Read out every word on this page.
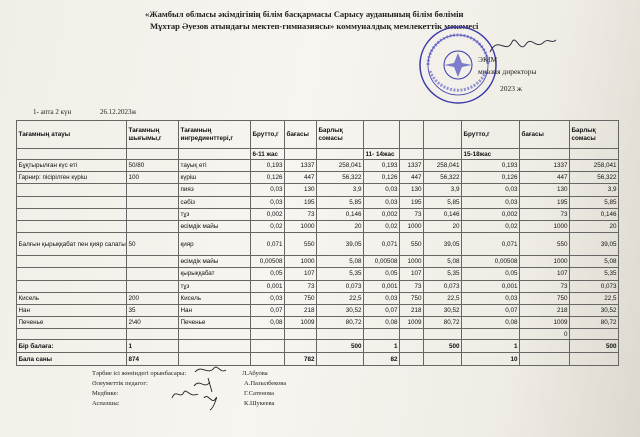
«Жамбыл облысы әкімдігінің білім басқармасы Сарысу ауданының білім бөлімін
Мұхтар Әуезов атындағы мектеп-гимназиясы» коммуналдық мемлекеттік мекемесі
ЭКІМ
мназия директоры
2023 ж
1- апта 2 күн	26.12.2023ж
Тағамның атауы	Тағамның шығымы,г	Тағамның ингредиенттері,г	Брутто,г	бағасы	Барлық сомасы				Брутто,г	бағасы	Барлық сомасы
			6-11 жас			11- 14жас			15-18жас		
Бұқтырылған күс еті	50/80	тауық еті	0,193	1337	258,041	0,193	1337	258,041	0,193	1337	258,041
Гарнир: пісірілген күріш	100	күріш	0,126	447	56,322	0,126	447	56,322	0,126	447	56,322
		пияз	0,03	130	3,9	0,03	130	3,9	0,03	130	3,9
		сәбіз	0,03	195	5,85	0,03	195	5,85	0,03	195	5,85
		тұз	0,002	73	0,146	0,002	73	0,146	0,002	73	0,146
		өсімдік майы	0,02	1000	20	0,02	1000	20	0,02	1000	20
Балғын қырыққабат пен қияр салаты	50	қияр	0,071	550	39,05	0,071	550	39,05	0,071	550	39,05
		өсімдік майы	0,00508	1000	5,08	0,00508	1000	5,08	0,00508	1000	5,08
		қырыққабат	0,05	107	5,35	0,05	107	5,35	0,05	107	5,35
		тұз	0,001	73	0,073	0,001	73	0,073	0,001	73	0,073
Кисель	200	Кисель	0,03	750	22,5	0,03	750	22,5	0,03	750	22,5
Нан	35	Нан	0,07	218	30,52	0,07	218	30,52	0,07	218	30,52
Печенье	2\40	Печенье	0,08	1009	80,72	0,08	1009	80,72	0,08	1009	80,72
										0	
Бір балаға:	1				500	1		500	1		500
Бала саны	874			782		82			10		
Тәрбие ісі жөніндегі орынбасары:	Л.Абуова
Әлеуметтік педагог:	А.Пазылбекова
Медбике:	Г.Сатенова
Аспазшы:	К.Шукеева
